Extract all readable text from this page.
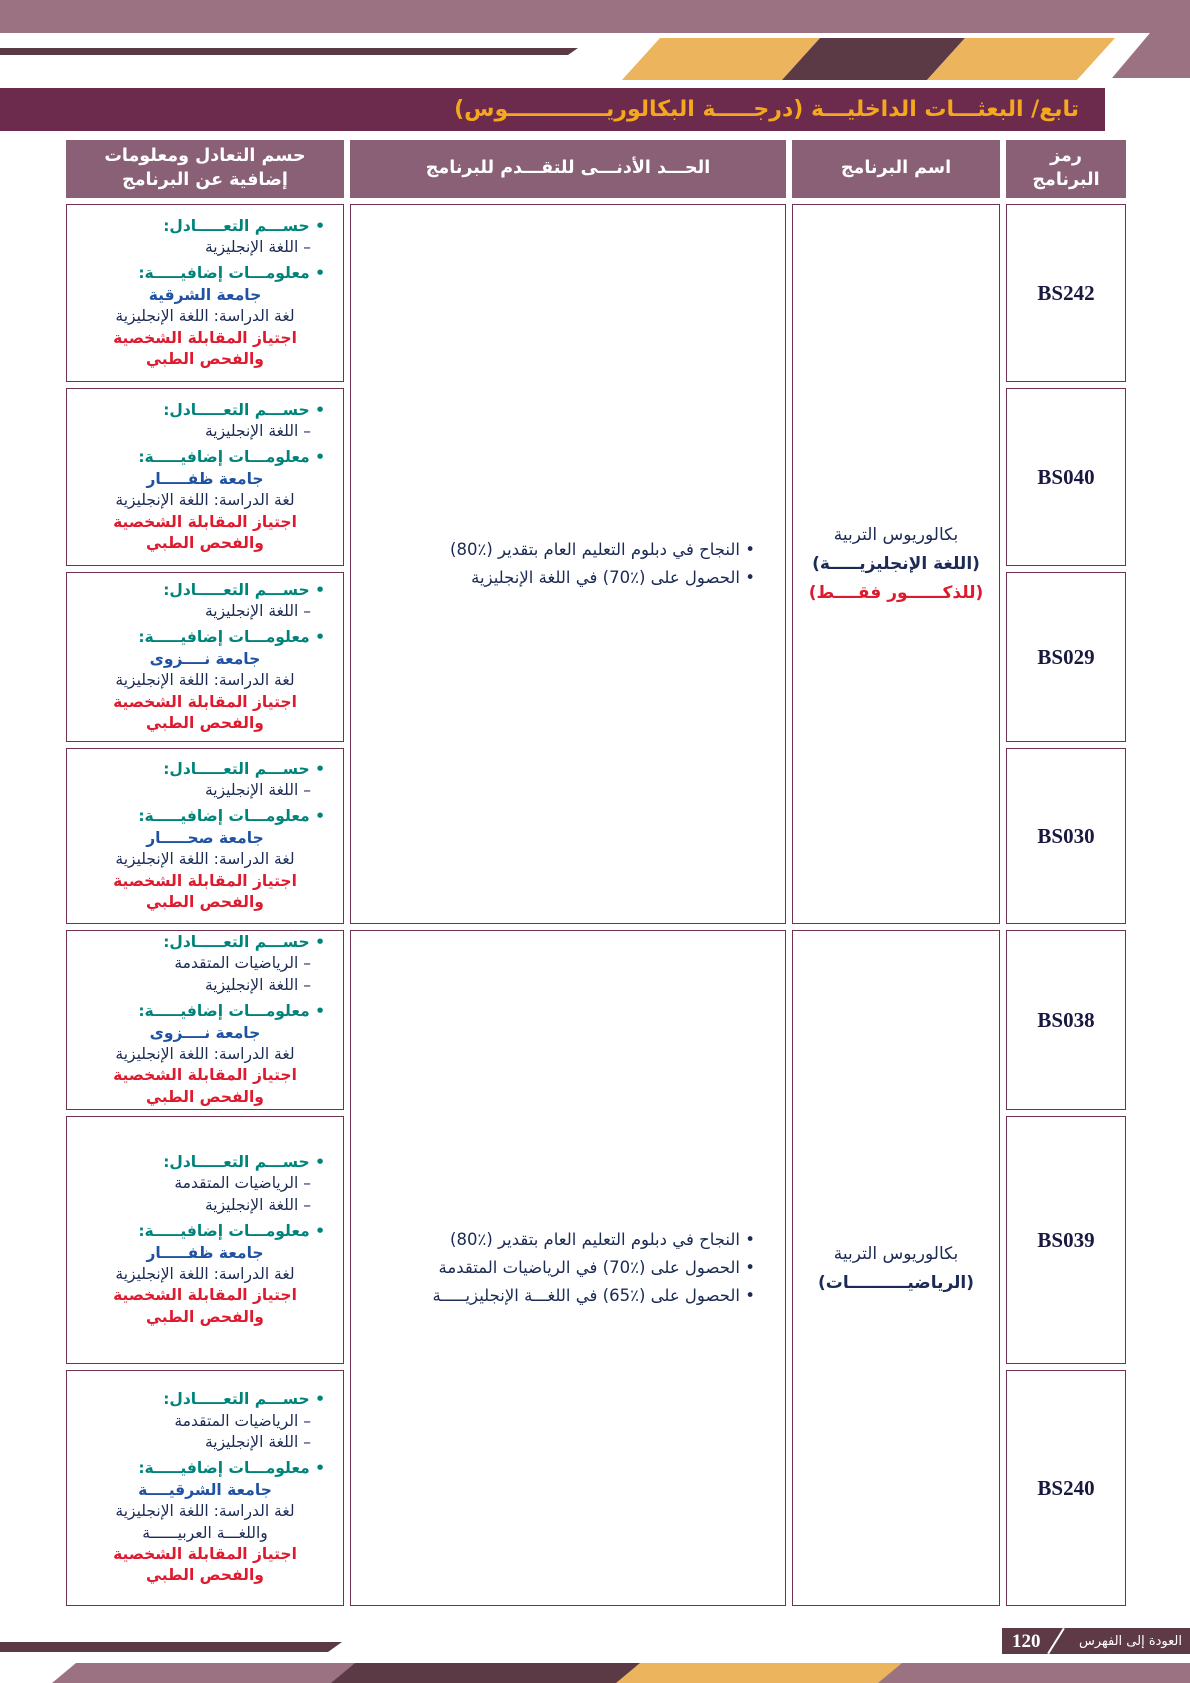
تابع/ البعثـــات الداخليـــة (درجـــــة البكالوريـــــــــــــوس)
رمز البرنامج
اسم البرنامج
الحـــد الأدنـــى للتقـــدم للبرنامج
حسم التعادل ومعلومات إضافية عن البرنامج
BS242
BS040
BS029
BS030
بكالوريوس التربية
(اللغة الإنجليزيـــــة)
(للذكــــــور فقــــط)
• النجاح في دبلوم التعليم العام بتقدير (٪80)
• الحصول على (٪70) في اللغة الإنجليزية
• حســـم التعـــــادل:
– اللغة الإنجليزية
• معلومـــات إضافيـــــة:
جامعة الشرقية
لغة الدراسة: اللغة الإنجليزية
اجتياز المقابلة الشخصية
والفحص الطبي
• حســـم التعـــــادل:
– اللغة الإنجليزية
• معلومـــات إضافيـــــة:
جامعة ظفـــــار
لغة الدراسة: اللغة الإنجليزية
اجتياز المقابلة الشخصية
والفحص الطبي
• حســـم التعـــــادل:
– اللغة الإنجليزية
• معلومـــات إضافيـــــة:
جامعة نــــزوى
لغة الدراسة: اللغة الإنجليزية
اجتياز المقابلة الشخصية
والفحص الطبي
• حســـم التعـــــادل:
– اللغة الإنجليزية
• معلومـــات إضافيـــــة:
جامعة صحـــــار
لغة الدراسة: اللغة الإنجليزية
اجتياز المقابلة الشخصية
والفحص الطبي
BS038
BS039
BS240
بكالوريوس التربية
(الرياضيــــــــــات)
• النجاح في دبلوم التعليم العام بتقدير (٪80)
• الحصول على (٪70) في الرياضيات المتقدمة
• الحصول على (٪65) في اللغـــة الإنجليزيـــــة
• حســـم التعـــــادل:
– الرياضيات المتقدمة
– اللغة الإنجليزية
• معلومـــات إضافيـــــة:
جامعة نــــزوى
لغة الدراسة: اللغة الإنجليزية
اجتياز المقابلة الشخصية
والفحص الطبي
• حســـم التعـــــادل:
– الرياضيات المتقدمة
– اللغة الإنجليزية
• معلومـــات إضافيـــــة:
جامعة ظفـــــار
لغة الدراسة: اللغة الإنجليزية
اجتياز المقابلة الشخصية
والفحص الطبي
• حســـم التعـــــادل:
– الرياضيات المتقدمة
– اللغة الإنجليزية
• معلومـــات إضافيـــــة:
جامعة الشرقيــــة
لغة الدراسة: اللغة الإنجليزية
واللغـــة العربيــــــة
اجتياز المقابلة الشخصية
والفحص الطبي
120	العودة إلى الفهرس
